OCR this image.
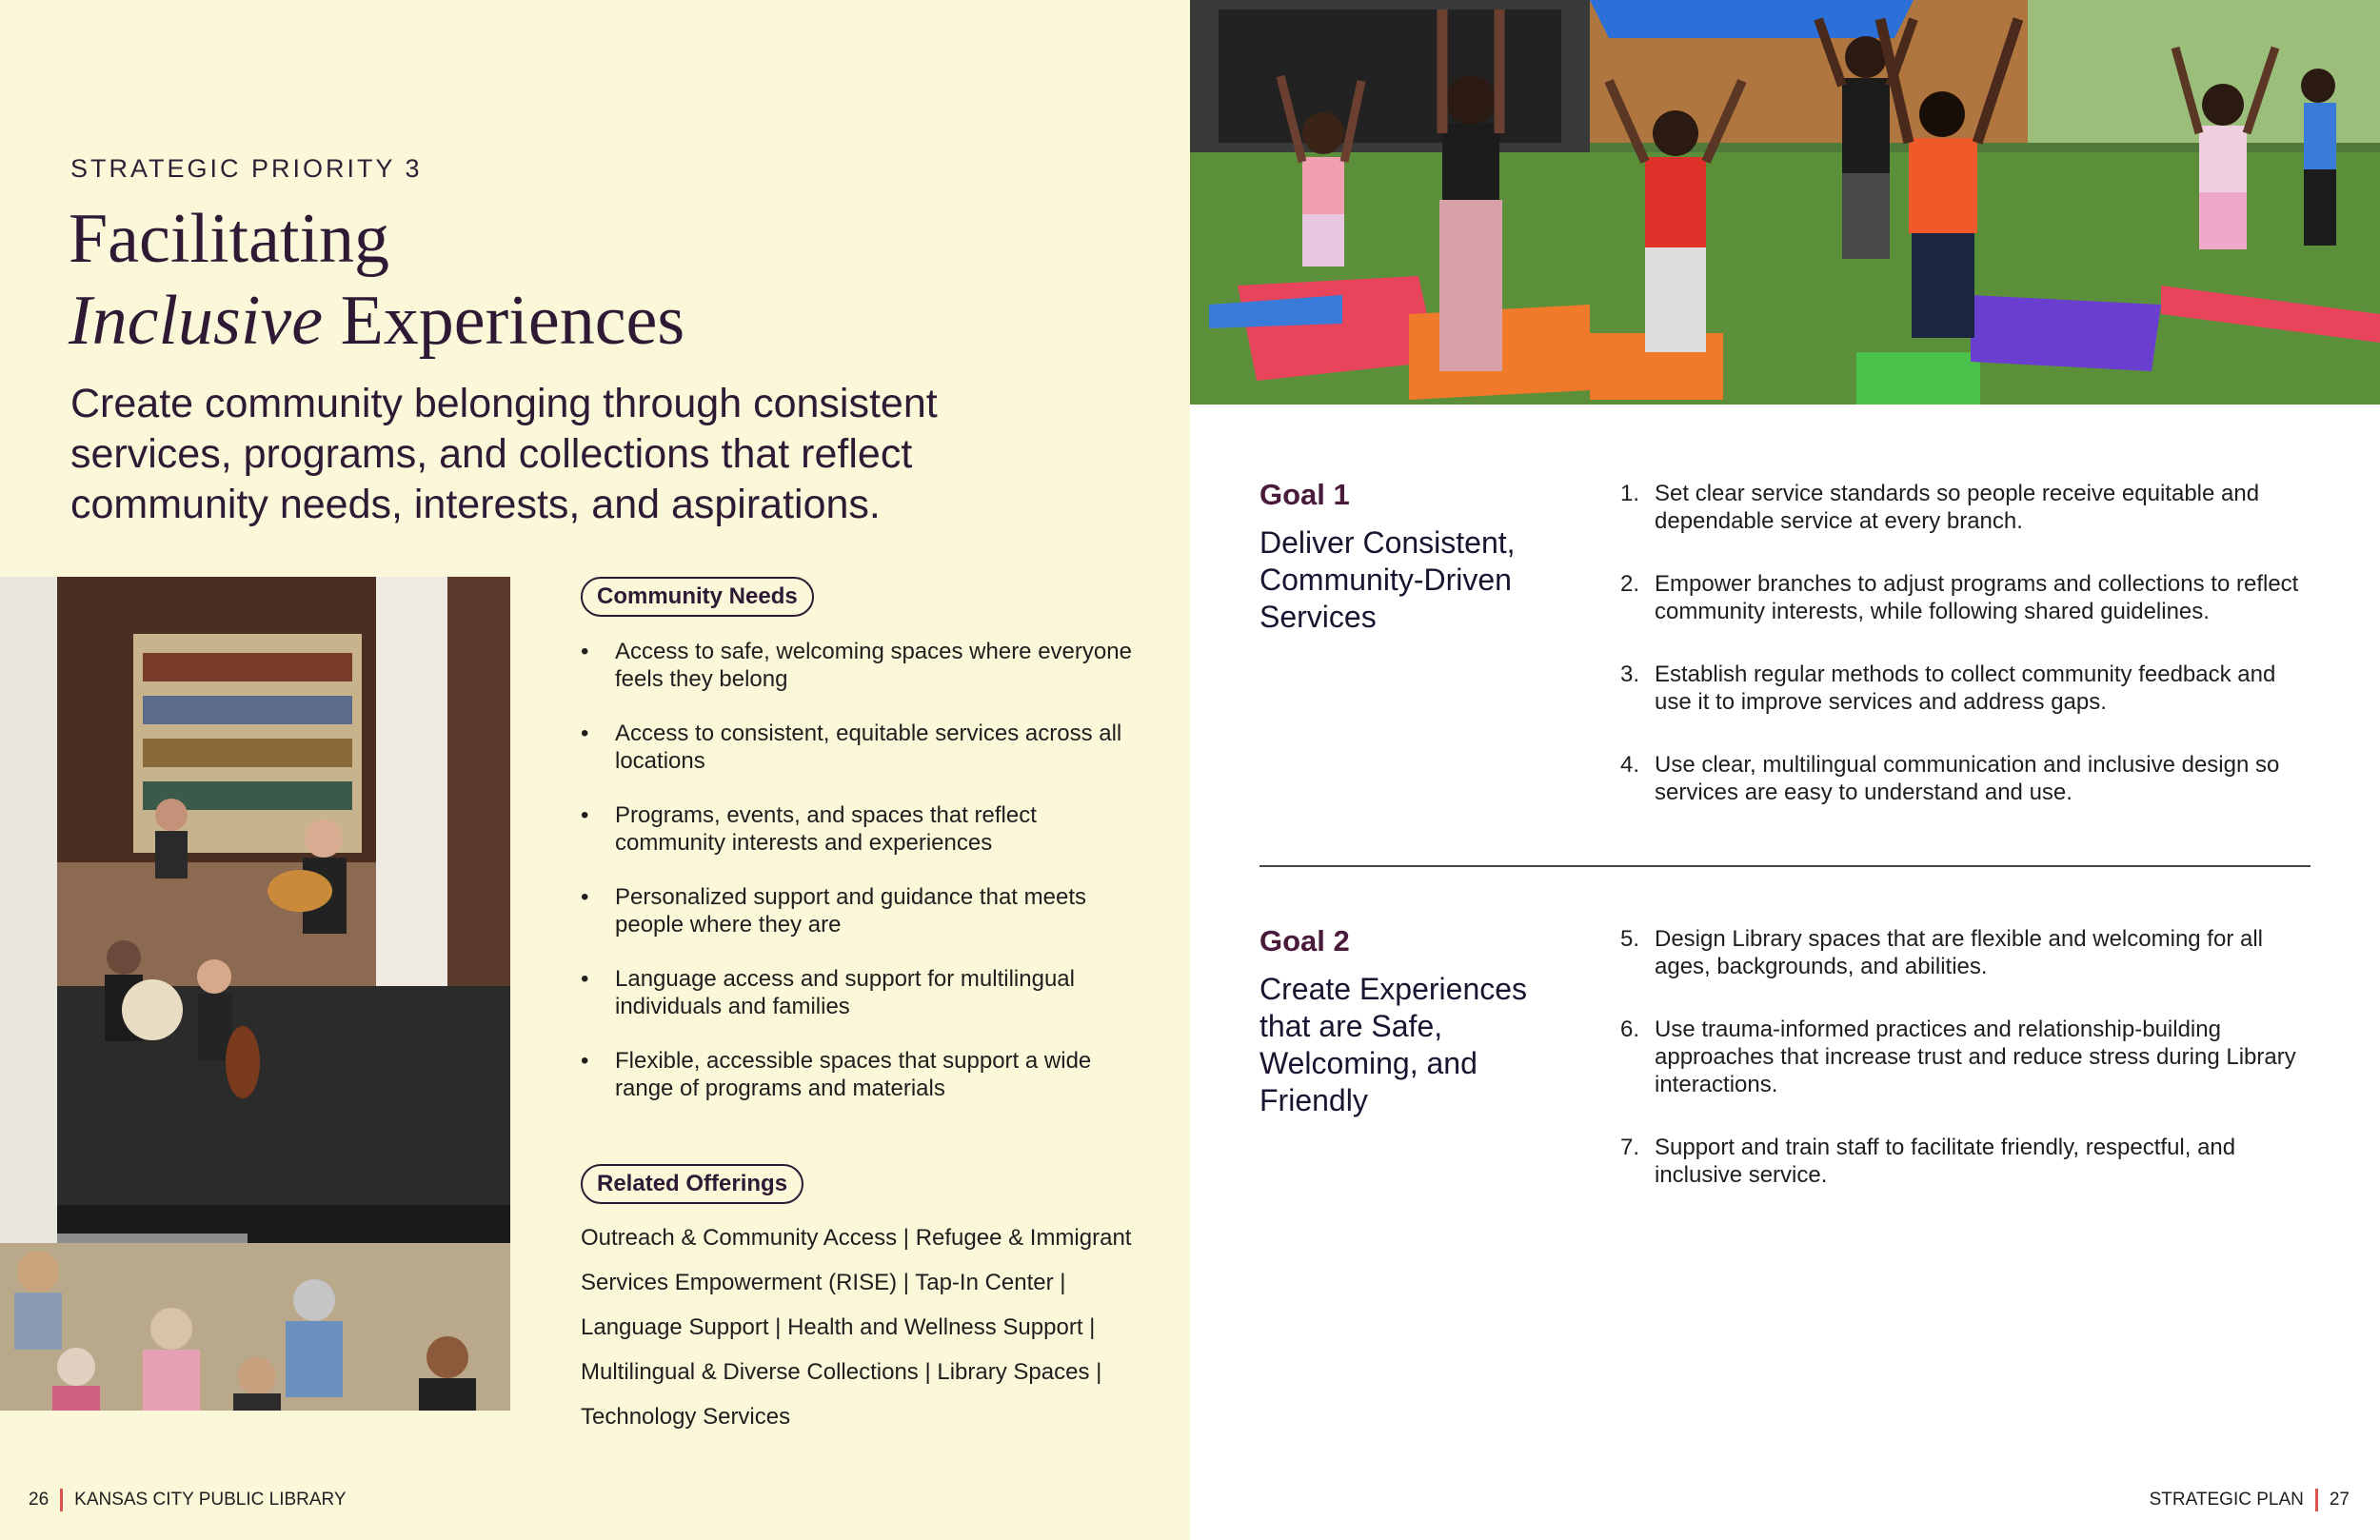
STRATEGIC PRIORITY 3
Facilitating
Inclusive Experiences

Create community belonging through consistent services, programs, and collections that reflect community needs, interests, and aspirations.

Community Needs
• Access to safe, welcoming spaces where everyone feels they belong
• Access to consistent, equitable services across all locations
• Programs, events, and spaces that reflect community interests and experiences
• Personalized support and guidance that meets people where they are
• Language access and support for multilingual individuals and families
• Flexible, accessible spaces that support a wide range of programs and materials
Related Offerings

Outreach & Community Access | Refugee & Immigrant Services Empowerment (RISE) | Tap-In Center | Language Support | Health and Wellness Support | Multilingual & Diverse Collections | Library Spaces | Technology Services

26 KANSAS CITY PUBLIC LIBRARY
Goal 1
Deliver Consistent, Community-Driven Services
1. Set clear service standards so people receive equitable and dependable service at every branch.
2. Empower branches to adjust programs and collections to reflect community interests, while following shared guidelines.
3. Establish regular methods to collect community feedback and use it to improve services and address gaps.
4. Use clear, multilingual communication and inclusive design so services are easy to understand and use.
Goal 2
Create Experiences that are Safe, Welcoming, and Friendly
5. Design Library spaces that are flexible and welcoming for all ages, backgrounds, and abilities.
6. Use trauma-informed practices and relationship-building approaches that increase trust and reduce stress during Library interactions.
7. Support and train staff to facilitate friendly, respectful, and inclusive service.
STRATEGIC PLAN 27
